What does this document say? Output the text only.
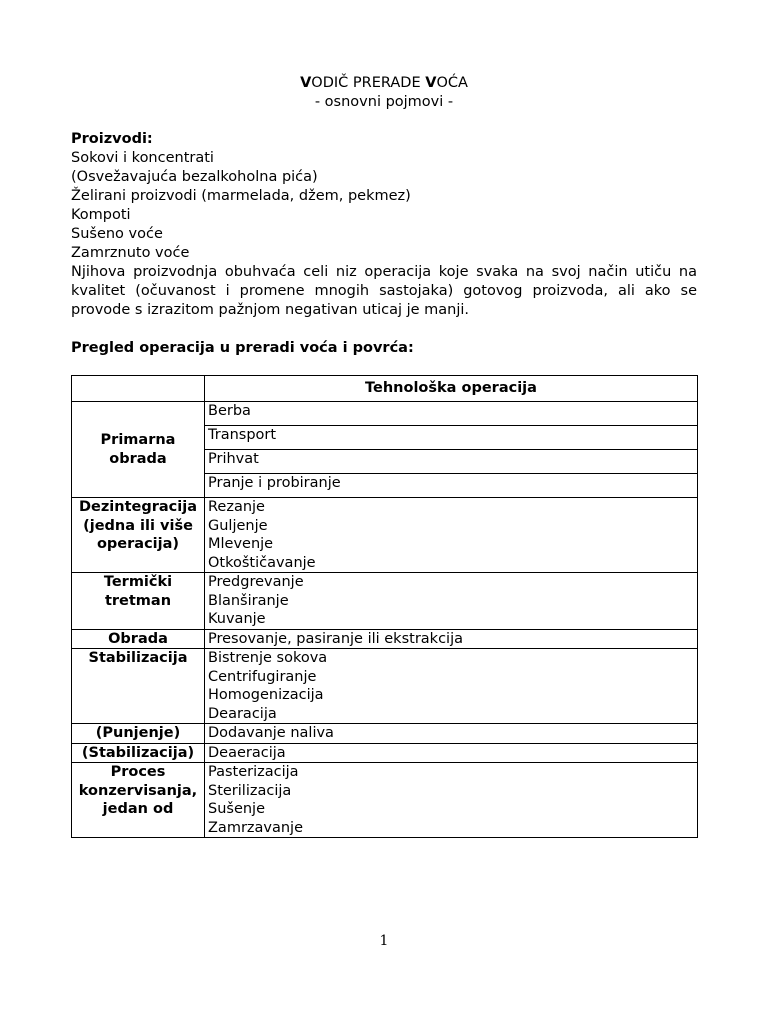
VODIČ PRERADE VOĆA
- osnovni pojmovi -
Proizvodi:
Sokovi i koncentrati
(Osvežavajuća bezalkoholna pića)
Želirani proizvodi (marmelada, džem, pekmez)
Kompoti
Sušeno voće
Zamrznuto voće
Njihova proizvodnja obuhvaća celi niz operacija koje svaka na svoj način utiču na kvalitet (očuvanost i promene mnogih sastojaka) gotovog proizvoda, ali ako se provode s izrazitom pažnjom negativan uticaj je manji.
Pregled operacija u preradi voća i povrća:
	Tehnološka operacija
Primarna obrada	Berba
	Transport
	Prihvat
	Pranje i probiranje

Dezintegracija
(jedna ili više
operacija)	Rezanje
Guljenje
Mlevenje
Otkoštičavanje

Termički
tretman	Predgrevanje
Blanširanje
Kuvanje

Obrada	Presovanje, pasiranje ili ekstrakcija

Stabilizacija	Bistrenje sokova
Centrifugiranje
Homogenizacija
Dearacija

(Punjenje)	Dodavanje naliva

(Stabilizacija)	Deaeracija

Proces
konzervisanja,
jedan od	Pasterizacija
Sterilizacija
Sušenje
Zamrzavanje
1
